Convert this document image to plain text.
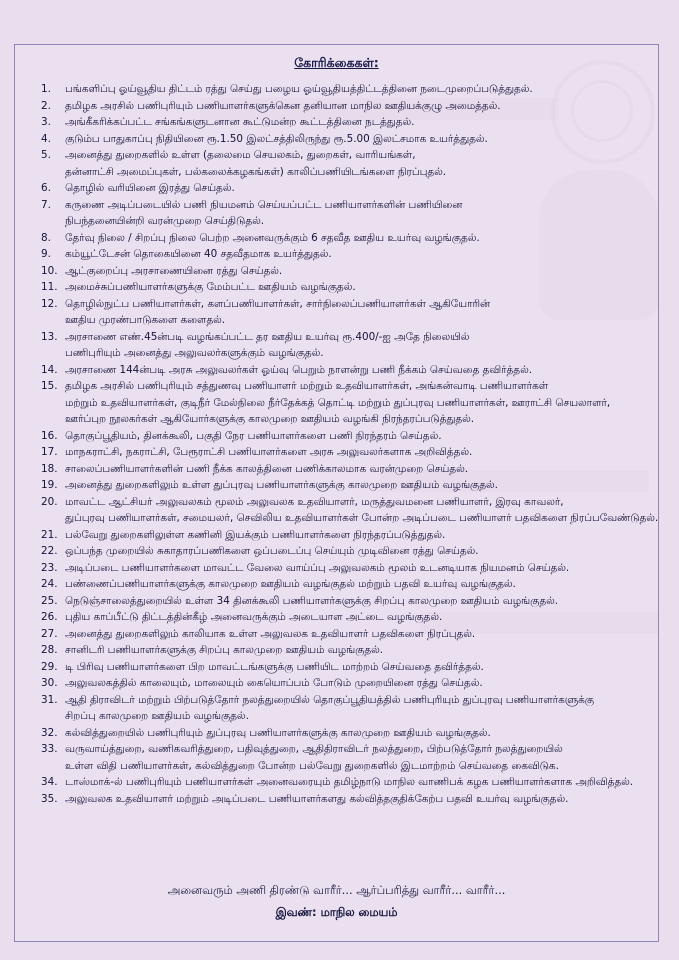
கோரிக்கைகள்:
1.	பங்களிப்பு ஓய்வூதிய திட்டம் ரத்து செய்து பழைய ஓய்வூதியத்திட்டத்தினை நடைமுறைப்படுத்துதல்.
2.	தமிழக அரசில் பணிபுரியும் பணியாளர்களுக்கென தனியான மாநில ஊதியக்குழு அமைத்தல்.
3.	அங்கீகரிக்கப்பட்ட சங்கங்களுடனான கூட்டுமன்ற கூட்டத்தினை நடத்துதல்.
4.	குடும்ப பாதுகாப்பு நிதியினை ரூ.1.50 இலட்சத்திலிருந்து ரூ.5.00 இலட்சமாக உயர்த்துதல்.
5.	அனைத்து துறைகளில் உள்ள (தலைமை செயலகம், துறைகள், வாரியங்கள்,
தன்னாட்சி அமைப்புகள், பல்கலைக்கழகங்கள்) காலிப்பணியிடங்களை நிரப்புதல்.
6.	தொழில் வரியினை இரத்து செய்தல்.
7.	கருணை அடிப்படையில் பணி நியமனம் செய்யப்பட்ட பணியாளர்களின் பணியினை
நிபந்தனையின்றி வரன்முறை செய்திடுதல்.
8.	தேர்வு நிலை / சிறப்பு நிலை பெற்ற அனைவருக்கும் 6 சதவீத ஊதிய உயர்வு வழங்குதல்.
9.	கம்யூட்டேசன் தொகையினை 40 சதவீதமாக உயர்த்துதல்.
10. ஆட்குறைப்பு அரசாணையினை ரத்து செய்தல்.
11. அமைச்சுப்பணியாளர்களுக்கு மேம்பட்ட ஊதியம் வழங்குதல்.
12. தொழில்நுட்ப பணியாளர்கள், களப்பணியாளர்கள், சார்நிலைப்பணியாளர்கள் ஆகியோரின்
ஊதிய முரண்பாடுகளை களைதல்.
13. அரசாணை எண்.45ன்படி வழங்கப்பட்ட தர ஊதிய உயர்வு ரூ.400/-ஐ அதே நிலையில்
பணிபுரியும் அனைத்து அலுவலர்களுக்கும் வழங்குதல்.
14. அரசாணை 144ன்படி அரசு அலுவலர்கள் ஓய்வு பெறும் நாளன்று பணி நீக்கம் செய்வதை தவிர்த்தல்.
15. தமிழக அரசில் பணிபுரியும் சத்துணவு பணியாளர் மற்றும் உதவியாளர்கள், அங்கன்வாடி பணியாளர்கள்
மற்றும் உதவியாளர்கள், குடிநீர் மேல்நிலை நீர்தேக்கத் தொட்டி மற்றும் துப்புரவு பணியாளர்கள், ஊராட்சி செயலாளர்,
ஊர்ப்புற நூலகர்கள் ஆகியோர்களுக்கு காலமுறை ஊதியம் வழங்கி நிரந்தரப்படுத்துதல்.
16. தொகுப்பூதியம், தினக்கூலி, பகுதி நேர பணியாளர்களை பணி நிரந்தரம் செய்தல்.
17. மாநகராட்சி, நகராட்சி, பேரூராட்சி பணியாளர்களை அரசு அலுவலர்களாக அறிவித்தல்.
18. சாலைப்பணியாளர்களின் பணி நீக்க காலத்தினை பணிக்காலமாக வரன்முறை செய்தல்.
19. அனைத்து துறைகளிலும் உள்ள துப்புரவு பணியாளர்களுக்கு காலமுறை ஊதியம் வழங்குதல்.
20. மாவட்ட ஆட்சியர் அலுவலகம் மூலம் அலுவலக உதவியாளர், மருத்துவமனை பணியாளர், இரவு காவலர்,
துப்புரவு பணியாளர்கள், சமையலர், செவிலிய உதவியாளர்கள் போன்ற அடிப்படை பணியாளர் பதவிகளை நிரப்பவேண்டுதல்.
21. பல்வேறு துறைகளிலுள்ள கணினி இயக்கும் பணியாளர்களை நிரந்தரப்படுத்துதல்.
22. ஒப்பந்த முறையில் சுகாதாரப்பணிகளை ஒப்படைப்பு செய்யும் முடிவினை ரத்து செய்தல்.
23. அடிப்படை பணியாளர்களை மாவட்ட வேலை வாய்ப்பு அலுவலகம் மூலம் உடனடியாக நியமனம் செய்தல்.
24. பண்ணைப்பணியாளர்களுக்கு காலமுறை ஊதியம் வழங்குதல் மற்றும் பதவி உயர்வு வழங்குதல்.
25. நெடுஞ்சாலைத்துறையில் உள்ள 34 தினக்கூலி பணியாளர்களுக்கு சிறப்பு காலமுறை ஊதியம் வழங்குதல்.
26. புதிய காப்பீட்டு திட்டத்தின்கீழ் அனைவருக்கும் அடையாள அட்டை வழங்குதல்.
27. அனைத்து துறைகளிலும் காலியாக உள்ள அலுவலக உதவியாளர் பதவிகளை நிரப்புதல்.
28. சானிடரி பணியாளர்களுக்கு சிறப்பு காலமுறை ஊதியம் வழங்குதல்.
29. டி பிரிவு பணியாளர்களை பிற மாவட்டங்களுக்கு பணியிட மாற்றம் செய்வதை தவிர்த்தல்.
30. அலுவலகத்தில் காலையும், மாலையும் கையொப்பம் போடும் முறையினை ரத்து செய்தல்.
31. ஆதி திராவிடர் மற்றும் பிற்படுத்தோர் நலத்துறையில் தொகுப்பூதியத்தில் பணிபுரியும் துப்புரவு பணியாளர்களுக்கு
சிறப்பு காலமுறை ஊதியம் வழங்குதல்.
32. கல்வித்துறையில் பணிபுரியும் துப்புரவு பணியாளர்களுக்கு காலமுறை ஊதியம் வழங்குதல்.
33. வருவாய்த்துறை, வணிகவரித்துறை, பதிவுத்துறை, ஆதிதிராவிடர் நலத்துறை, பிற்படுத்தோர் நலத்துறையில்
உள்ள விதி பணியாளர்கள், கல்வித்துறை போன்ற பல்வேறு துறைகளில் இடமாற்றம் செய்வதை கைவிடுக.
34. டாஸ்மாக்-ல் பணிபுரியும் பணியாளர்கள் அனைவரையும் தமிழ்நாடு மாநில வாணிபக் கழக பணியாளர்களாக அறிவித்தல்.
35. அலுவலக உதவியாளர் மற்றும் அடிப்படை பணியாளர்களது கல்வித்தகுதிக்கேற்ப பதவி உயர்வு வழங்குதல்.
அனைவரும் அணி திரண்டு வாரீர்... ஆர்ப்பரித்து வாரீர்... வாரீர்...
இவண்: மாநில மையம்
